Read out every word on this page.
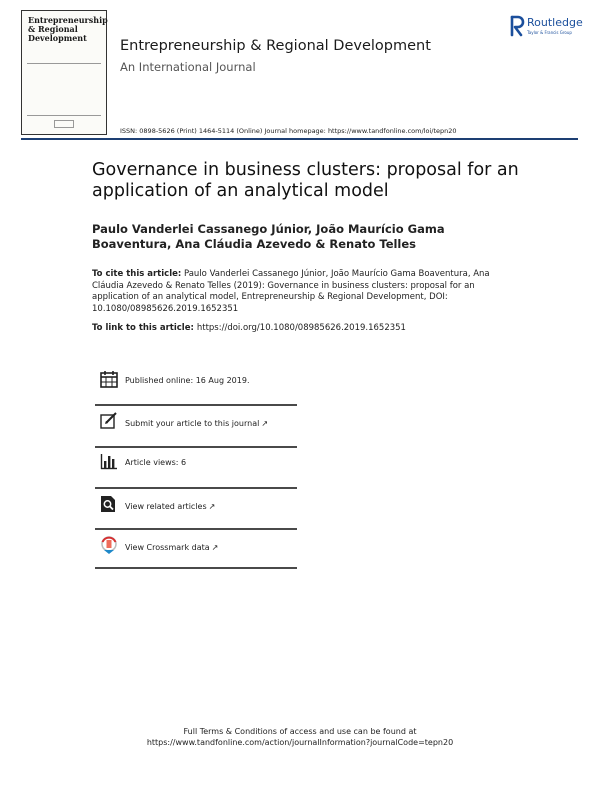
Entrepreneurship & Regional Development	Entrepreneurship & Regional Development
An International Journal
ISSN: 0898-5626 (Print) 1464-5114 (Online) Journal homepage: https://www.tandfonline.com/loi/tepn20
Routledge
Taylor & Francis Group
Governance in business clusters: proposal for an application of an analytical model
Paulo Vanderlei Cassanego Júnior, João Maurício Gama Boaventura, Ana Cláudia Azevedo & Renato Telles
To cite this article: Paulo Vanderlei Cassanego Júnior, João Maurício Gama Boaventura, Ana Cláudia Azevedo & Renato Telles (2019): Governance in business clusters: proposal for an application of an analytical model, Entrepreneurship & Regional Development, DOI: 10.1080/08985626.2019.1652351
To link to this article: https://doi.org/10.1080/08985626.2019.1652351
Published online: 16 Aug 2019.
Submit your article to this journal ↗
Article views: 6
View related articles ↗
View Crossmark data ↗
Full Terms & Conditions of access and use can be found at
https://www.tandfonline.com/action/journalInformation?journalCode=tepn20
